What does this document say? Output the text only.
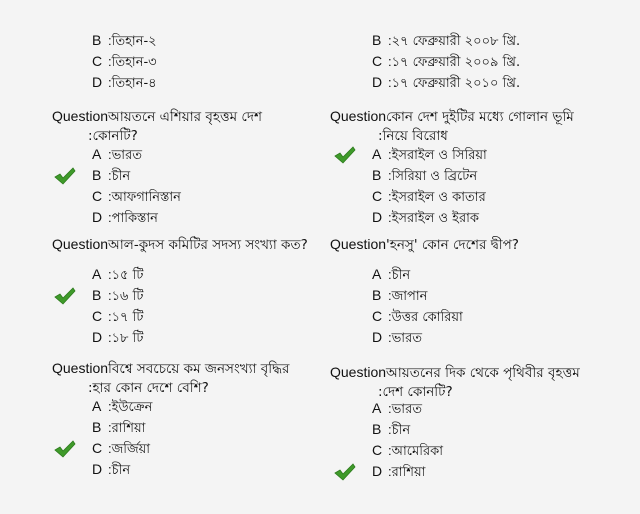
B :তিহান-২
C :তিহান-৩
D :তিহান-৪
Questionআয়তনে এশিয়ার বৃহত্তম দেশ
:কোনটি?
A :ভারত
B :চীন
C :আফগানিস্তান
D :পাকিস্তান
Questionআল-কুদস কমিটির সদস্য সংখ্যা কত?
A :১৫ টি
B :১৬ টি
C :১৭ টি
D :১৮ টি
Questionবিশ্বে সবচেয়ে কম জনসংখ্যা বৃদ্ধির
:হার কোন দেশে বেশি?
A :ইউক্রেন
B :রাশিয়া
C :জর্জিয়া
D :চীন
B :২৭ ফেব্রুয়ারী ২০০৮ খ্রি.
C :১৭ ফেব্রুয়ারী ২০০৯ খ্রি.
D :১৭ ফেব্রুয়ারী ২০১০ খ্রি.
Questionকোন দেশ দুইটির মধ্যে গোলান ভূমি
:নিয়ে বিরোধ
A :ইসরাইল ও সিরিয়া
B :সিরিয়া ও ব্রিটেন
C :ইসরাইল ও কাতার
D :ইসরাইল ও ইরাক
Question'হনসু' কোন দেশের দ্বীপ?
A :চীন
B :জাপান
C :উত্তর কোরিয়া
D :ভারত
Questionআয়তনের দিক থেকে পৃথিবীর বৃহত্তম
:দেশ কোনটি?
A :ভারত
B :চীন
C :আমেরিকা
D :রাশিয়া
